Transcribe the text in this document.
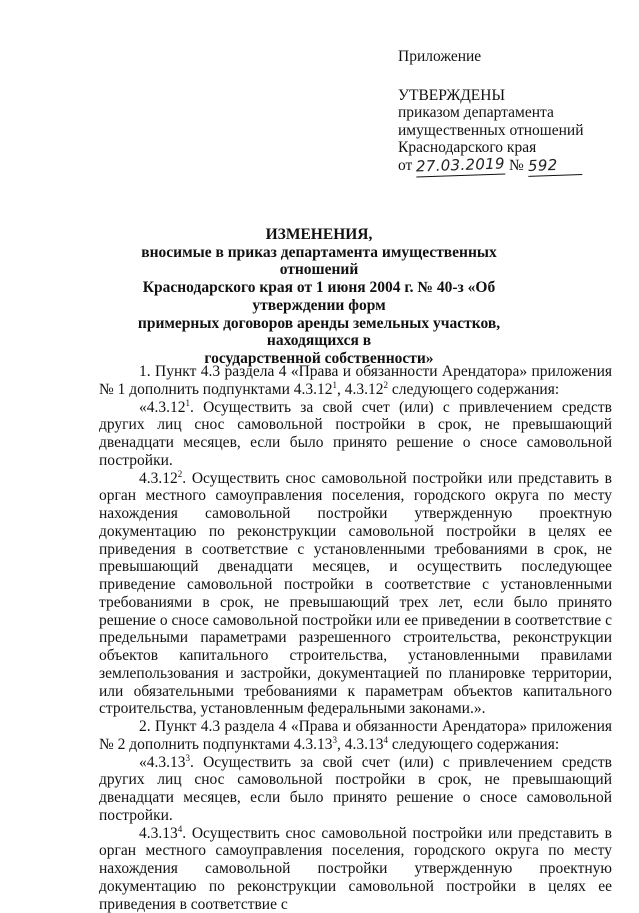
Приложение
УТВЕРЖДЕНЫ
приказом департамента
имущественных отношений
Краснодарского края
от 27.03.2019 № 592
ИЗМЕНЕНИЯ,
вносимые в приказ департамента имущественных отношений
Краснодарского края от 1 июня 2004 г. № 40-з «Об утверждении форм
примерных договоров аренды земельных участков, находящихся в
государственной собственности»

1. Пункт 4.3 раздела 4 «Права и обязанности Арендатора» приложения № 1 дополнить подпунктами 4.3.12$^1$, 4.3.12$^2$ следующего содержания:

«4.3.12$^1$. Осуществить за свой счет (или) с привлечением средств других лиц снос самовольной постройки в срок, не превышающий двенадцати месяцев, если было принято решение о сносе самовольной постройки.

4.3.12$^2$. Осуществить снос самовольной постройки или представить в орган местного самоуправления поселения, городского округа по месту нахождения самовольной постройки утвержденную проектную документацию по реконструкции самовольной постройки в целях ее приведения в соответствие с установленными требованиями в срок, не превышающий двенадцати месяцев, и осуществить последующее приведение самовольной постройки в соответствие с установленными требованиями в срок, не превышающий трех лет, если было принято решение о сносе самовольной постройки или ее приведении в соответствие с предельными параметрами разрешенного строительства, реконструкции объектов капитального строительства, установленными правилами землепользования и застройки, документацией по планировке территории, или обязательными требованиями к параметрам объектов капитального строительства, установленным федеральными законами.».

2. Пункт 4.3 раздела 4 «Права и обязанности Арендатора» приложения № 2 дополнить подпунктами 4.3.13$^3$, 4.3.13$^4$ следующего содержания:

«4.3.13$^3$. Осуществить за свой счет (или) с привлечением средств других лиц снос самовольной постройки в срок, не превышающий двенадцати месяцев, если было принято решение о сносе самовольной постройки.

4.3.13$^4$. Осуществить снос самовольной постройки или представить в орган местного самоуправления поселения, городского округа по месту нахождения самовольной постройки утвержденную проектную документацию по реконструкции самовольной постройки в целях ее приведения в соответствие с
